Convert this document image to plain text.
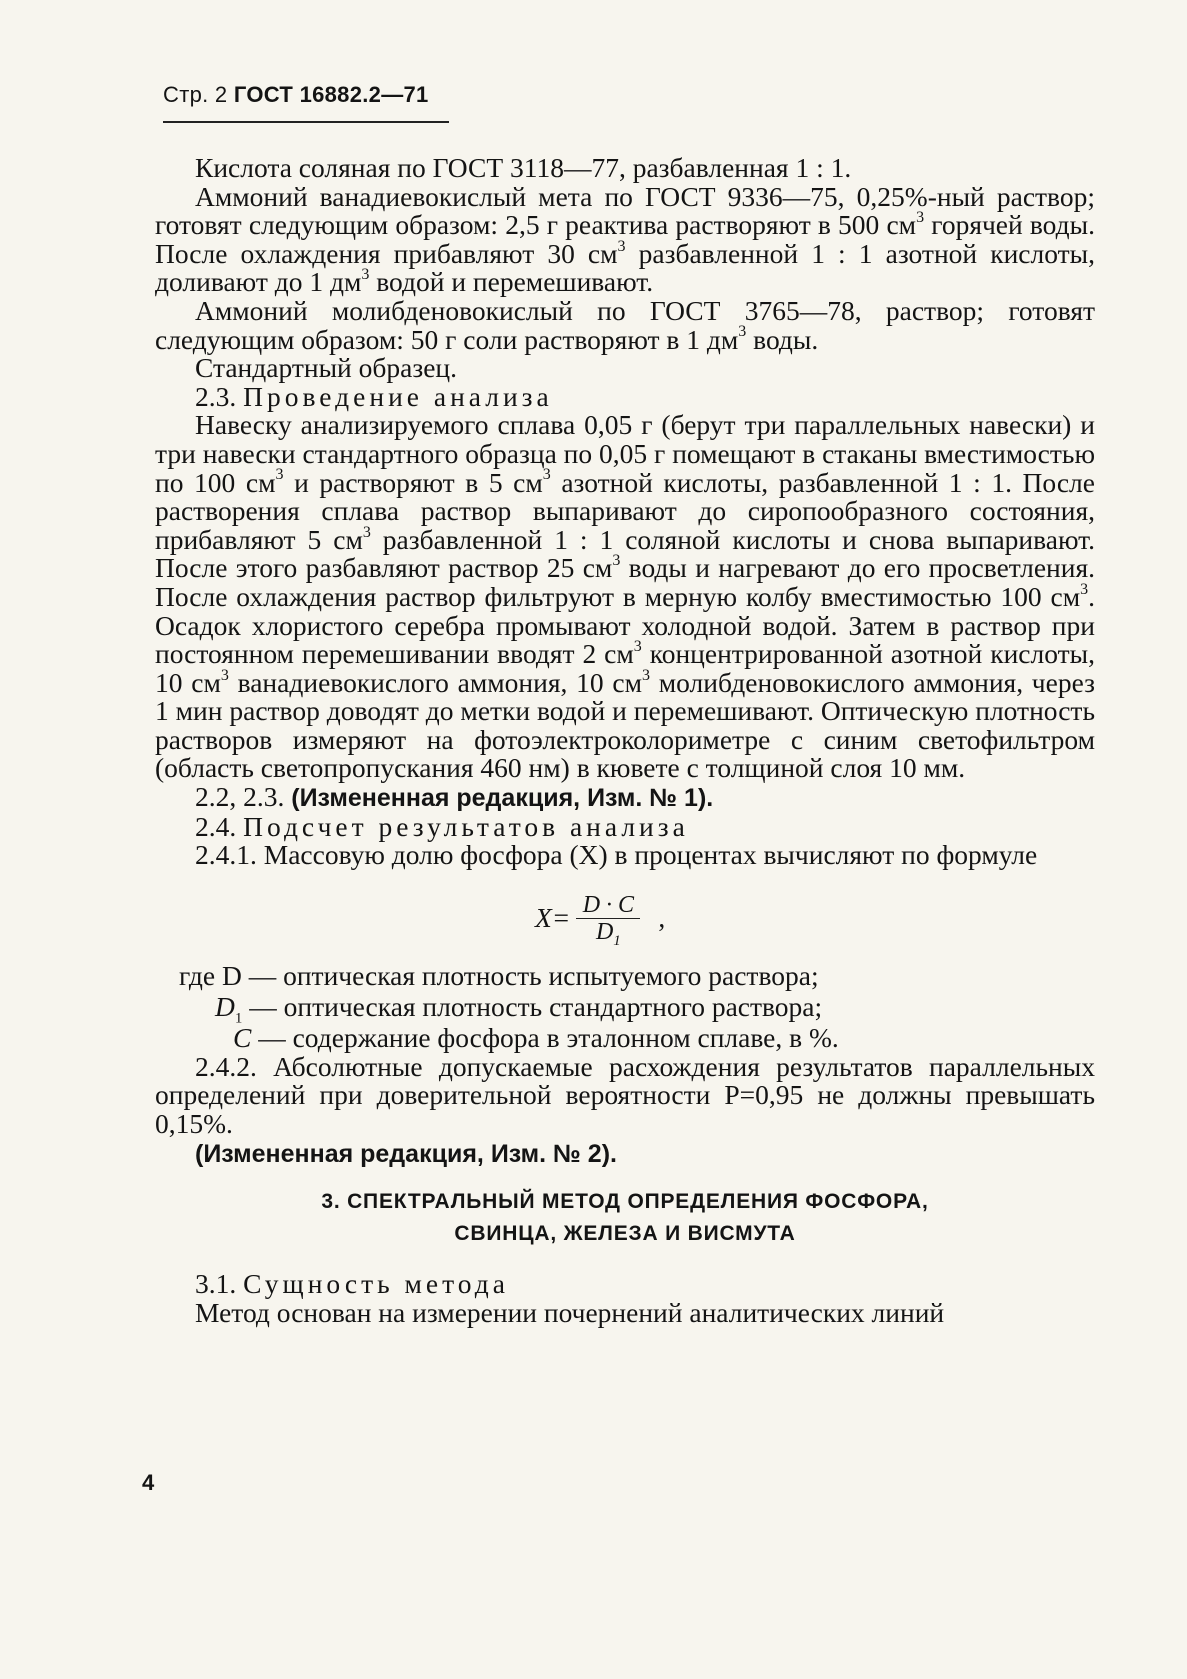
Стр. 2 ГОСТ 16882.2—71
Кислота соляная по ГОСТ 3118—77, разбавленная 1 : 1.
Аммоний ванадиевокислый мета по ГОСТ 9336—75, 0,25%-ный раствор; готовят следующим образом: 2,5 г реактива растворяют в 500 $см^3$ горячей воды. После охлаждения прибавляют 30 $см^3$ разбавленной 1 : 1 азотной кислоты, доливают до 1 $дм^3$ водой и перемешивают.
Аммоний молибденовокислый по ГОСТ 3765—78, раствор; готовят следующим образом: 50 г соли растворяют в 1 $дм^3$ воды.
Стандартный образец.
2.3. Проведение анализа
Навеску анализируемого сплава 0,05 г (берут три параллельных навески) и три навески стандартного образца по 0,05 г помещают в стаканы вместимостью по 100 $см^3$ и растворяют в 5 $см^3$ азотной кислоты, разбавленной 1 : 1. После растворения сплава раствор выпаривают до сиропообразного состояния, прибавляют 5 $см^3$ разбавленной 1 : 1 соляной кислоты и снова выпаривают. После этого разбавляют раствор 25 $см^3$ воды и нагревают до его просветления. После охлаждения раствор фильтруют в мерную колбу вместимостью 100 $см^3$. Осадок хлористого серебра промывают холодной водой. Затем в раствор при постоянном перемешивании вводят 2 $см^3$ концентрированной азотной кислоты, 10 $см^3$ ванадиевокислого аммония, 10 $см^3$ молибденовокислого аммония, через 1 мин раствор доводят до метки водой и перемешивают. Оптическую плотность растворов измеряют на фотоэлектроколориметре с синим светофильтром (область светопропускания 460 нм) в кювете с толщиной слоя 10 мм.
2.2, 2.3. (Измененная редакция, Изм. № 1).
2.4. Подсчет результатов анализа
2.4.1. Массовую долю фосфора (X) в процентах вычисляют по формуле
$X= \frac{D \cdot C}{D_1}$ ,
где D — оптическая плотность испытуемого раствора;
$D_1$ — оптическая плотность стандартного раствора;
C — содержание фосфора в эталонном сплаве, в %.
2.4.2. Абсолютные допускаемые расхождения результатов параллельных определений при доверительной вероятности P=0,95 не должны превышать 0,15%.
(Измененная редакция, Изм. № 2).
3. СПЕКТРАЛЬНЫЙ МЕТОД ОПРЕДЕЛЕНИЯ ФОСФОРА,
СВИНЦА, ЖЕЛЕЗА И ВИСМУТА
3.1. Сущность метода
Метод основан на измерении почернений аналитических линий
4
